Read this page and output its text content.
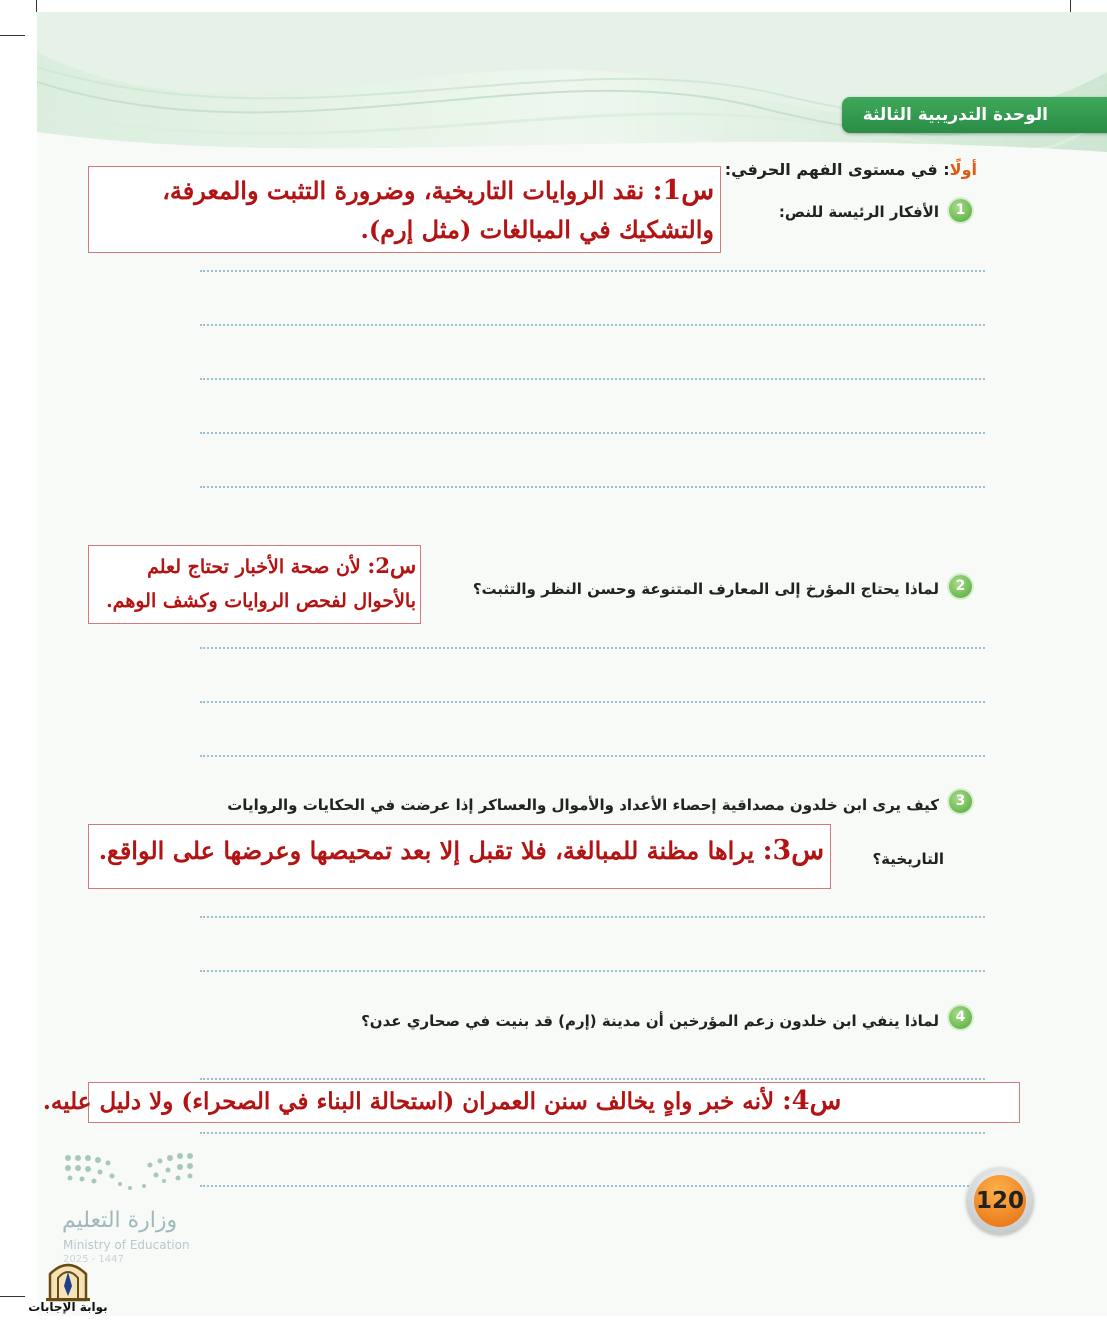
الوحدة التدريبية الثالثة
أولًا: في مستوى الفهم الحرفي:
1
الأفكار الرئيسة للنص:
س1: نقد الروايات التاريخية، وضرورة التثبت والمعرفة،
والتشكيك في المبالغات (مثل إرم).
2
لماذا يحتاج المؤرخ إلى المعارف المتنوعة وحسن النظر والتثبت؟
س2: لأن صحة الأخبار تحتاج لعلم
بالأحوال لفحص الروايات وكشف الوهم.
3
كيف يرى ابن خلدون مصداقية إحصاء الأعداد والأموال والعساكر إذا عرضت في الحكايات والروايات
التاريخية؟
س3: يراها مظنة للمبالغة، فلا تقبل إلا بعد تمحيصها وعرضها على الواقع.
4
لماذا ينفي ابن خلدون زعم المؤرخين أن مدينة (إرم) قد بنيت في صحاري عدن؟
س4: لأنه خبر واهٍ يخالف سنن العمران (استحالة البناء في الصحراء) ولا دليل عليه.
120
وزارة التعليم
Ministry of Education
2025 - 1447
بوابة الإجابات
